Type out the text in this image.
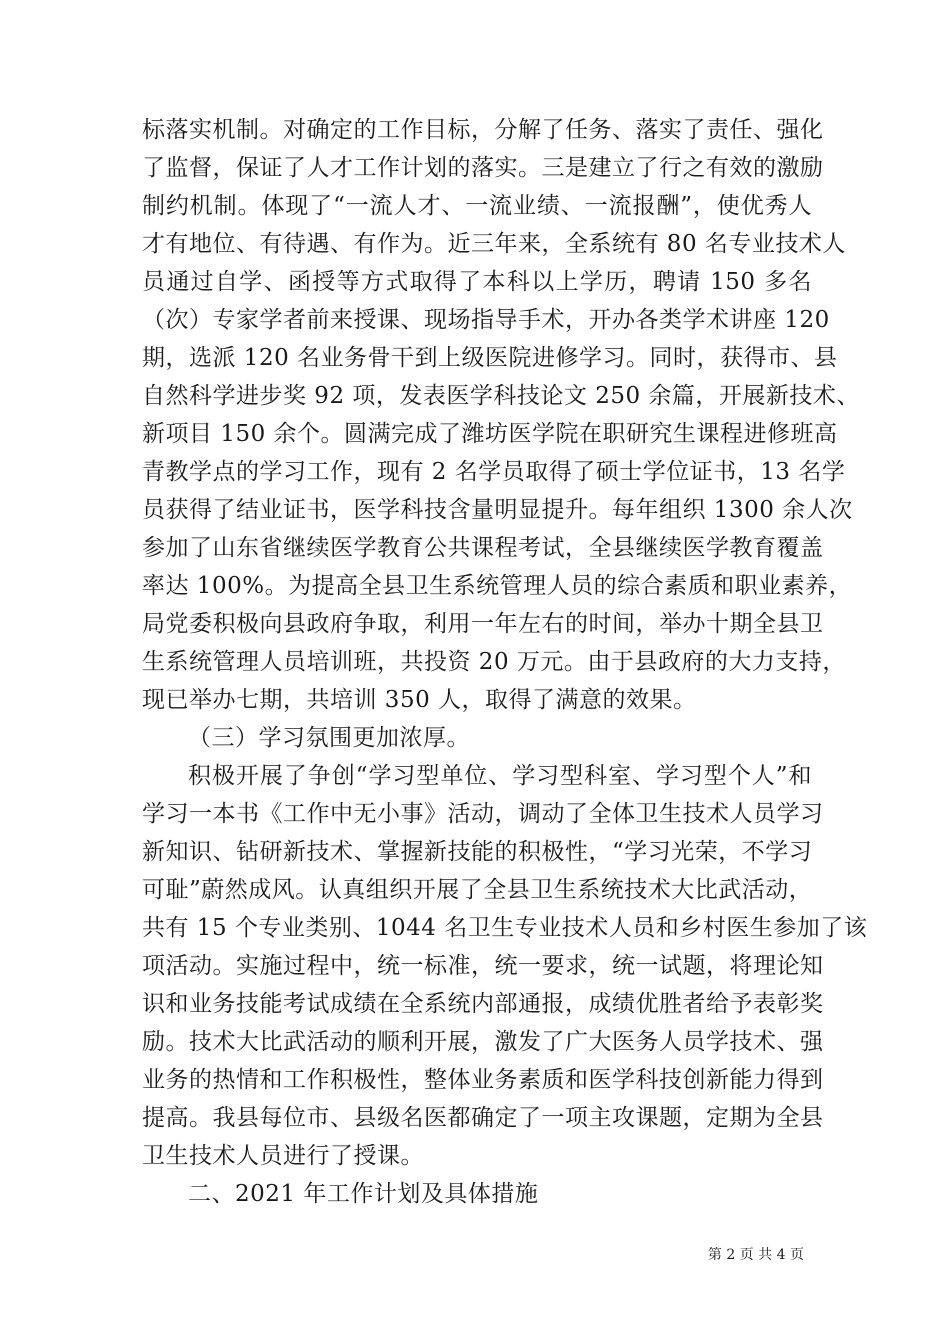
标落实机制。对确定的工作目标，分解了任务、落实了责任、强化
了监督，保证了人才工作计划的落实。三是建立了行之有效的激励
制约机制。体现了“一流人才、一流业绩、一流报酬”，使优秀人
才有地位、有待遇、有作为。近三年来，全系统有 80 名专业技术人
员通过自学、函授等方式取得了本科以上学历，聘请 150 多名
（次）专家学者前来授课、现场指导手术，开办各类学术讲座 120
期，选派 120 名业务骨干到上级医院进修学习。同时，获得市、县
自然科学进步奖 92 项，发表医学科技论文 250 余篇，开展新技术、
新项目 150 余个。圆满完成了潍坊医学院在职研究生课程进修班高
青教学点的学习工作，现有 2 名学员取得了硕士学位证书，13 名学
员获得了结业证书，医学科技含量明显提升。每年组织 1300 余人次
参加了山东省继续医学教育公共课程考试，全县继续医学教育覆盖
率达 100%。为提高全县卫生系统管理人员的综合素质和职业素养，
局党委积极向县政府争取，利用一年左右的时间，举办十期全县卫
生系统管理人员培训班，共投资 20 万元。由于县政府的大力支持，
现已举办七期，共培训 350 人，取得了满意的效果。
（三）学习氛围更加浓厚。
积极开展了争创“学习型单位、学习型科室、学习型个人”和
学习一本书《工作中无小事》活动，调动了全体卫生技术人员学习
新知识、钻研新技术、掌握新技能的积极性，“学习光荣，不学习
可耻”蔚然成风。认真组织开展了全县卫生系统技术大比武活动，
共有 15 个专业类别、1044 名卫生专业技术人员和乡村医生参加了该
项活动。实施过程中，统一标准，统一要求，统一试题，将理论知
识和业务技能考试成绩在全系统内部通报，成绩优胜者给予表彰奖
励。技术大比武活动的顺利开展，激发了广大医务人员学技术、强
业务的热情和工作积极性，整体业务素质和医学科技创新能力得到
提高。我县每位市、县级名医都确定了一项主攻课题，定期为全县
卫生技术人员进行了授课。
二、2021 年工作计划及具体措施
第 2 页 共 4 页
